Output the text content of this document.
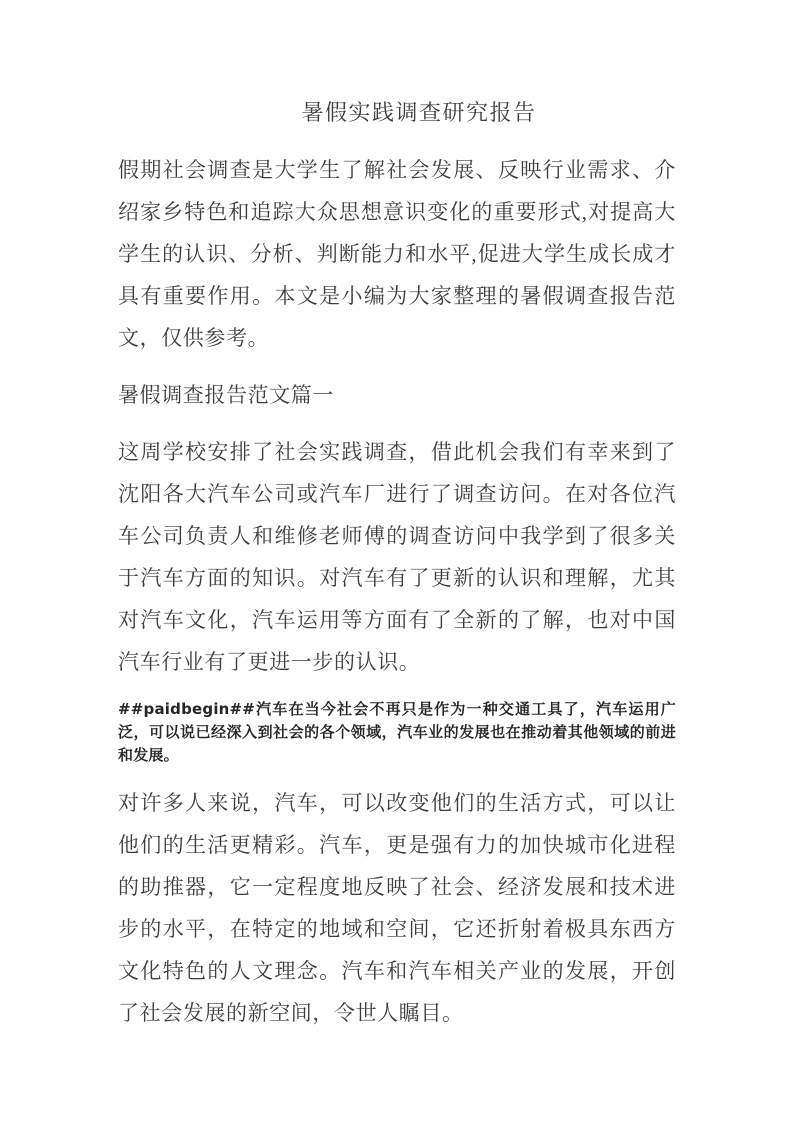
暑假实践调查研究报告

假期社会调查是大学生了解社会发展、反映行业需求、介绍家乡特色和追踪大众思想意识变化的重要形式,对提高大学生的认识、分析、判断能力和水平,促进大学生成长成才具有重要作用。本文是小编为大家整理的暑假调查报告范文，仅供参考。

暑假调查报告范文篇一

这周学校安排了社会实践调查，借此机会我们有幸来到了沈阳各大汽车公司或汽车厂进行了调查访问。在对各位汽车公司负责人和维修老师傅的调查访问中我学到了很多关于汽车方面的知识。对汽车有了更新的认识和理解，尤其对汽车文化，汽车运用等方面有了全新的了解，也对中国汽车行业有了更进一步的认识。

##paidbegin##汽车在当今社会不再只是作为一种交通工具了，汽车运用广泛，可以说已经深入到社会的各个领域，汽车业的发展也在推动着其他领域的前进和发展。

对许多人来说，汽车，可以改变他们的生活方式，可以让他们的生活更精彩。汽车，更是强有力的加快城市化进程的助推器，它一定程度地反映了社会、经济发展和技术进步的水平，在特定的地域和空间，它还折射着极具东西方文化特色的人文理念。汽车和汽车相关产业的发展，开创了社会发展的新空间，令世人瞩目。
